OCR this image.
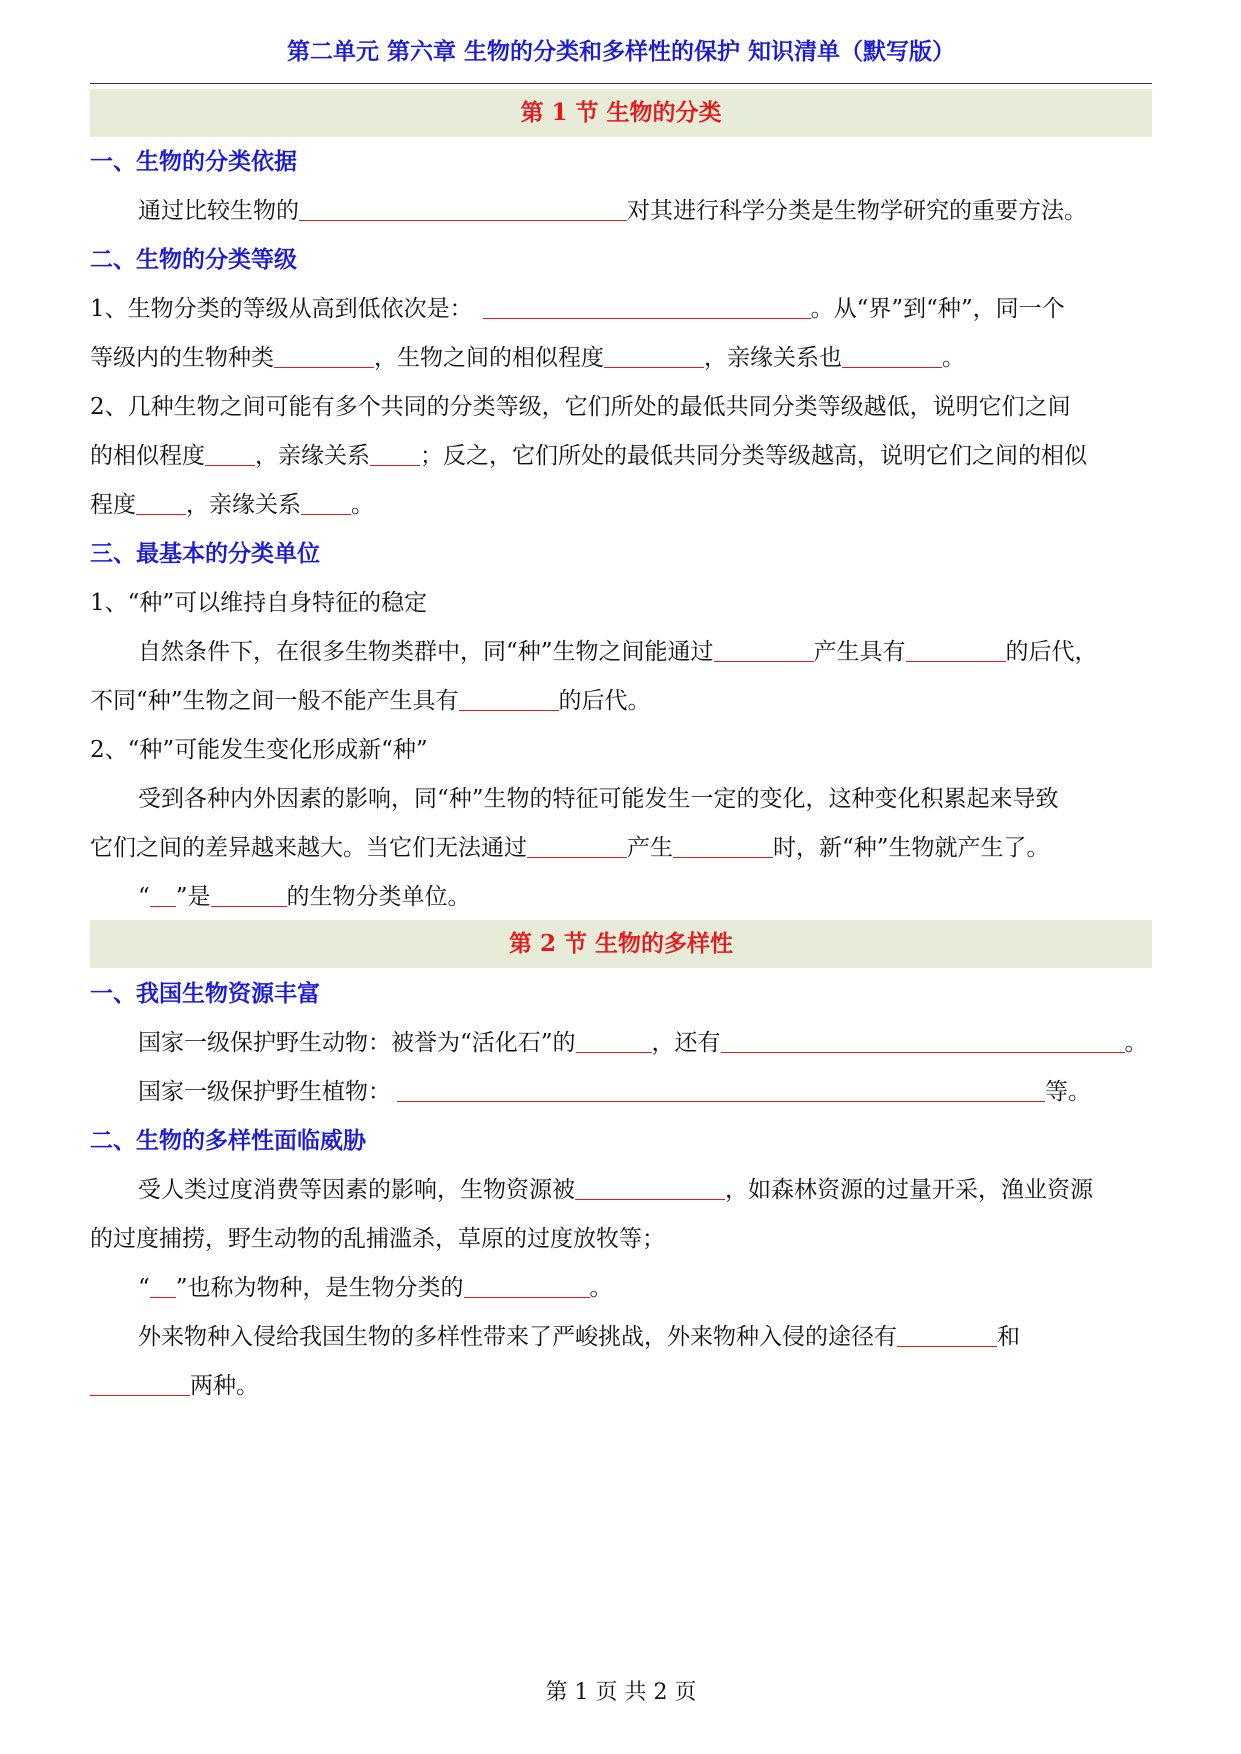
第二单元 第六章 生物的分类和多样性的保护 知识清单（默写版）
第 1 节 生物的分类
一、生物的分类依据
通过比较生物的	对其进行科学分类是生物学研究的重要方法。
二、生物的分类等级
1、生物分类的等级从高到低依次是：	。从“界”到“种”，同一个
等级内的生物种类	，生物之间的相似程度	，亲缘关系也	。
2、几种生物之间可能有多个共同的分类等级，它们所处的最低共同分类等级越低，说明它们之间
的相似程度 ，亲缘关系 ；反之，它们所处的最低共同分类等级越高，说明它们之间的相似
程度 ，亲缘关系 。
三、最基本的分类单位
1、“种”可以维持自身特征的稳定
自然条件下，在很多生物类群中，同“种”生物之间能通过	产生具有	的后代，
不同“种”生物之间一般不能产生具有	的后代。
2、“种”可能发生变化形成新“种”
受到各种内外因素的影响，同“种”生物的特征可能发生一定的变化，这种变化积累起来导致
它们之间的差异越来越大。当它们无法通过	产生	时，新“种”生物就产生了。
“ ”是	的生物分类单位。
第 2 节 生物的多样性
一、我国生物资源丰富
国家一级保护野生动物：被誉为“活化石”的	，还有	。
国家一级保护野生植物：	等。
二、生物的多样性面临威胁
受人类过度消费等因素的影响，生物资源被	，如森林资源的过量开采，渔业资源
的过度捕捞，野生动物的乱捕滥杀，草原的过度放牧等；
“ ”也称为物种，是生物分类的	。
外来物种入侵给我国生物的多样性带来了严峻挑战，外来物种入侵的途径有	和
两种。
第 1 页 共 2 页
